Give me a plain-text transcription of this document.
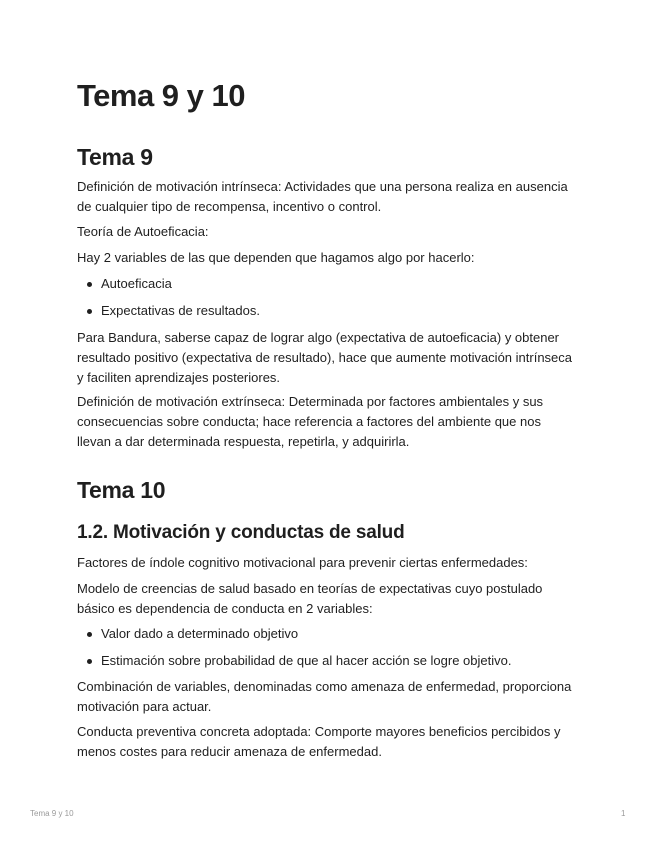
Tema 9 y 10
Tema 9

Definición de motivación intrínseca: Actividades que una persona realiza en ausencia de cualquier tipo de recompensa, incentivo o control.

Teoría de Autoeficacia:

Hay 2 variables de las que dependen que hagamos algo por hacerlo:

Autoeficacia
Expectativas de resultados.

Para Bandura, saberse capaz de lograr algo (expectativa de autoeficacia) y obtener resultado positivo (expectativa de resultado), hace que aumente motivación intrínseca y faciliten aprendizajes posteriores.

Definición de motivación extrínseca: Determinada por factores ambientales y sus consecuencias sobre conducta; hace referencia a factores del ambiente que nos llevan a dar determinada respuesta, repetirla, y adquirirla.

Tema 10
1.2. Motivación y conductas de salud

Factores de índole cognitivo motivacional para prevenir ciertas enfermedades:

Modelo de creencias de salud basado en teorías de expectativas cuyo postulado básico es dependencia de conducta en 2 variables:

Valor dado a determinado objetivo
Estimación sobre probabilidad de que al hacer acción se logre objetivo.

Combinación de variables, denominadas como amenaza de enfermedad, proporciona motivación para actuar.

Conducta preventiva concreta adoptada: Comporte mayores beneficios percibidos y menos costes para reducir amenaza de enfermedad.

Tema 9 y 10	1
